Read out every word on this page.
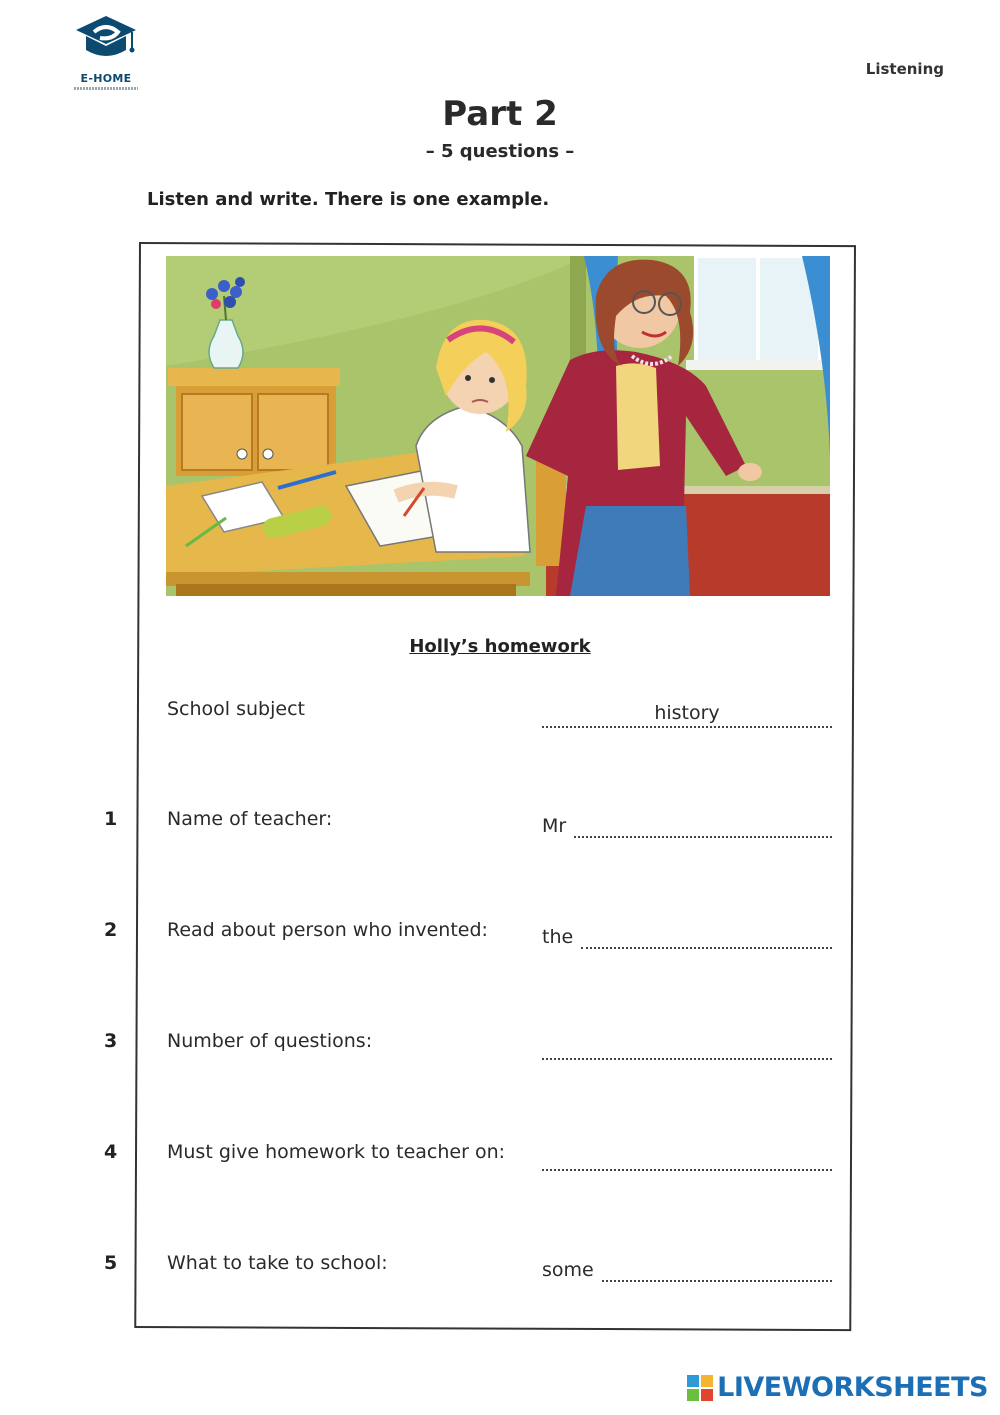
E-HOME
Listening
Part 2
– 5 questions –
Listen and write. There is one example.
Holly’s homework
School subject	history
1	Name of teacher:	Mr
2	Read about person who invented:	the
3	Number of questions:
4	Must give homework to teacher on:
5	What to take to school:	some
LIVEWORKSHEETS
